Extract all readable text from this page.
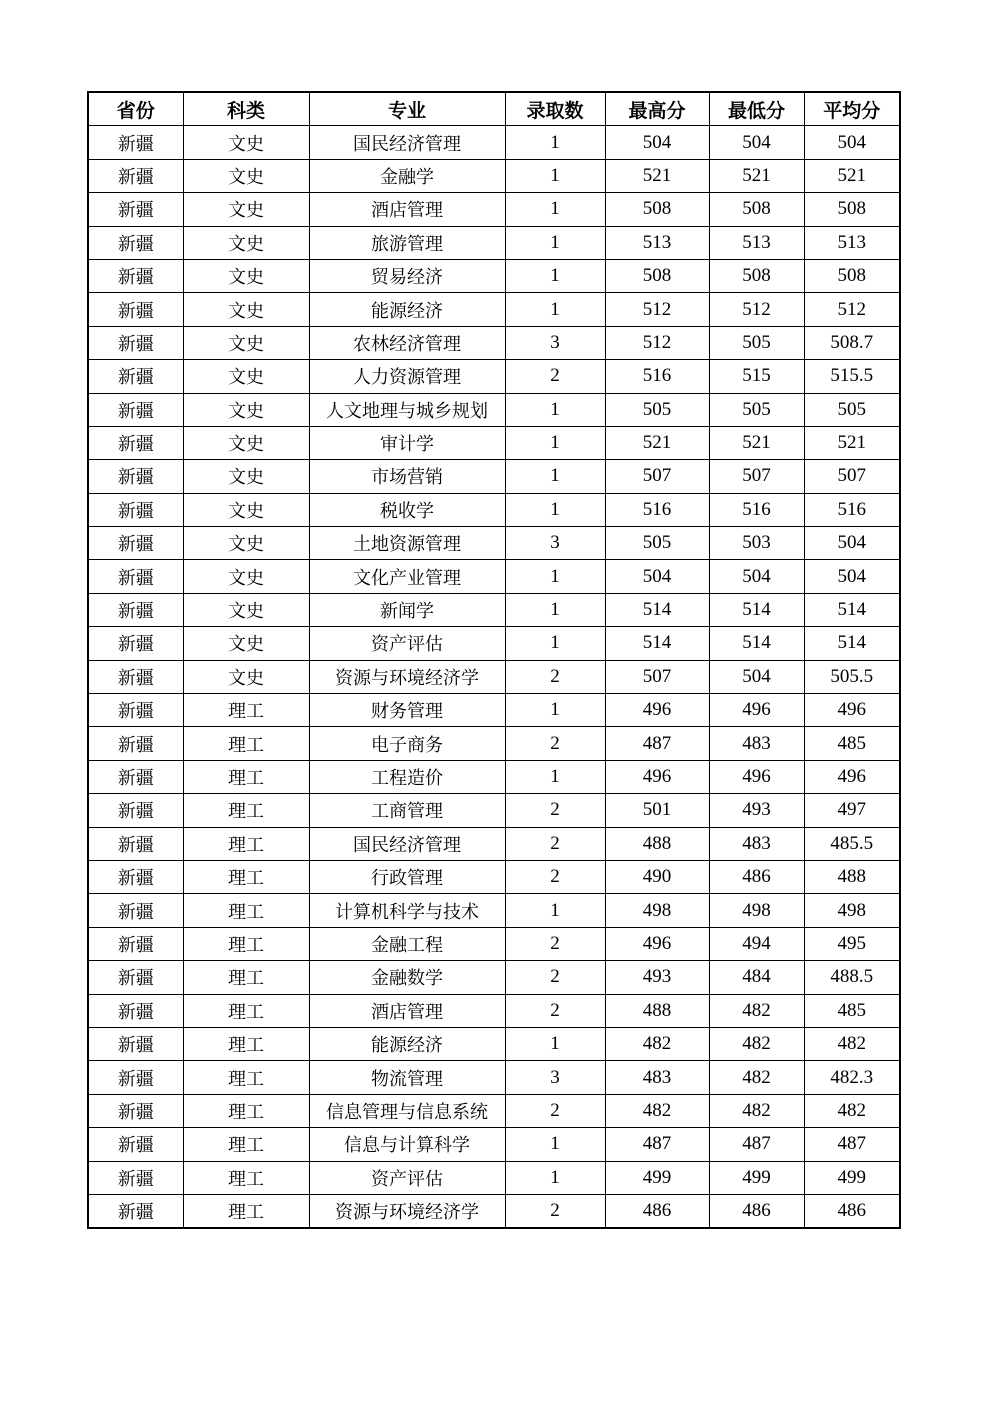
省份	科类	专业	录取数	最高分	最低分	平均分
新疆	文史	国民经济管理	1	504	504	504
新疆	文史	金融学	1	521	521	521
新疆	文史	酒店管理	1	508	508	508
新疆	文史	旅游管理	1	513	513	513
新疆	文史	贸易经济	1	508	508	508
新疆	文史	能源经济	1	512	512	512
新疆	文史	农林经济管理	3	512	505	508.7
新疆	文史	人力资源管理	2	516	515	515.5
新疆	文史	人文地理与城乡规划	1	505	505	505
新疆	文史	审计学	1	521	521	521
新疆	文史	市场营销	1	507	507	507
新疆	文史	税收学	1	516	516	516
新疆	文史	土地资源管理	3	505	503	504
新疆	文史	文化产业管理	1	504	504	504
新疆	文史	新闻学	1	514	514	514
新疆	文史	资产评估	1	514	514	514
新疆	文史	资源与环境经济学	2	507	504	505.5
新疆	理工	财务管理	1	496	496	496
新疆	理工	电子商务	2	487	483	485
新疆	理工	工程造价	1	496	496	496
新疆	理工	工商管理	2	501	493	497
新疆	理工	国民经济管理	2	488	483	485.5
新疆	理工	行政管理	2	490	486	488
新疆	理工	计算机科学与技术	1	498	498	498
新疆	理工	金融工程	2	496	494	495
新疆	理工	金融数学	2	493	484	488.5
新疆	理工	酒店管理	2	488	482	485
新疆	理工	能源经济	1	482	482	482
新疆	理工	物流管理	3	483	482	482.3
新疆	理工	信息管理与信息系统	2	482	482	482
新疆	理工	信息与计算科学	1	487	487	487
新疆	理工	资产评估	1	499	499	499
新疆	理工	资源与环境经济学	2	486	486	486
